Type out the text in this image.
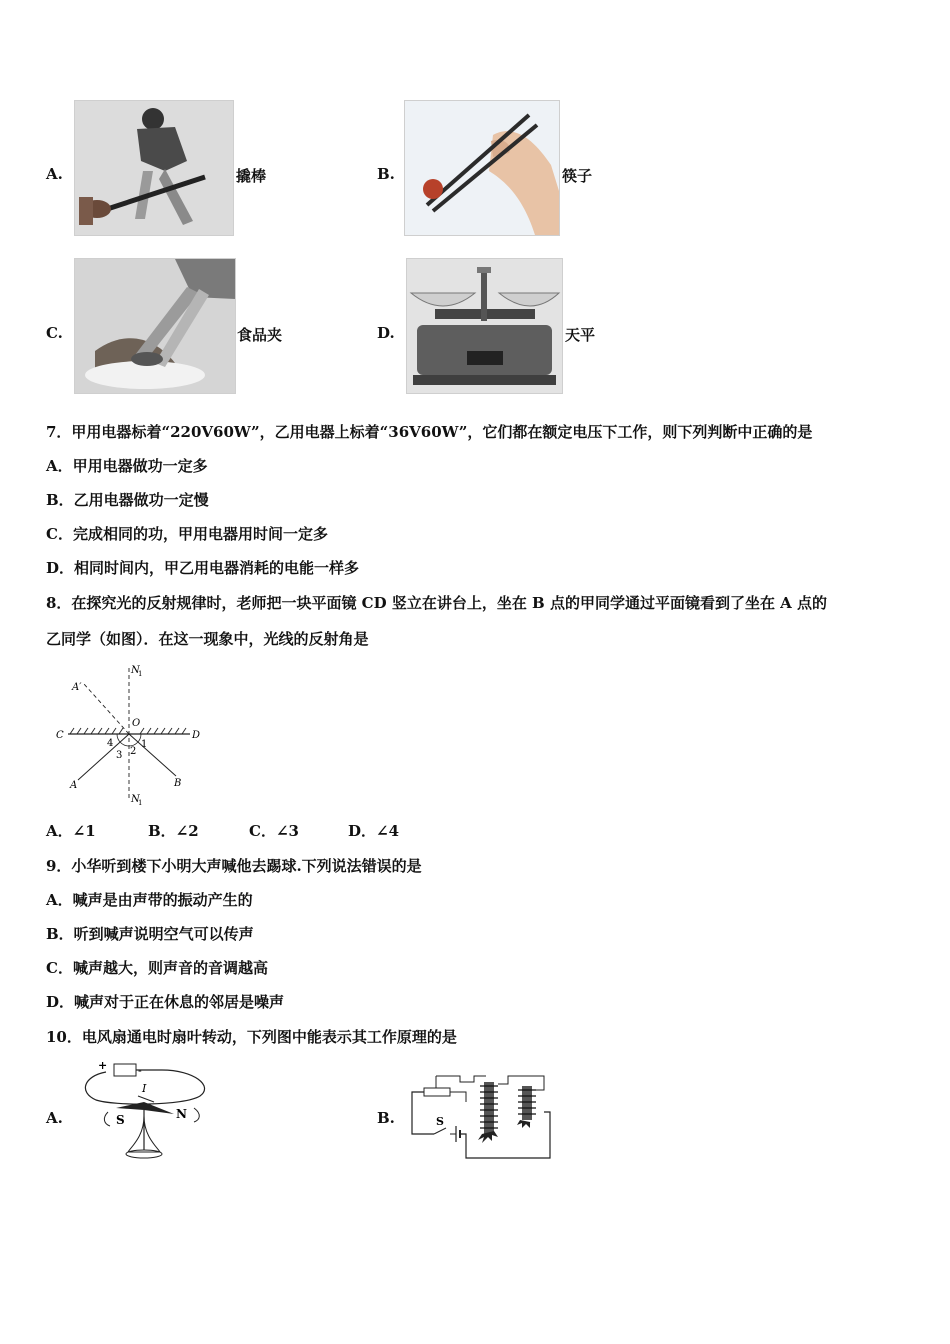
A.	撬棒	B.	筷子
C.	食品夹	D.	天平
7．甲用电器标着“220V60W”，乙用电器上标着“36V60W”，它们都在额定电压下工作，则下列判断中正确的是
A．甲用电器做功一定多
B．乙用电器做功一定慢
C．完成相同的功，甲用电器用时间一定多
D．相同时间内，甲乙用电器消耗的电能一样多
8．在探究光的反射规律时，老师把一块平面镜 CD 竖立在讲台上，坐在 B 点的甲同学通过平面镜看到了坐在 A 点的
乙同学（如图）．在这一现象中，光线的反射角是
N
1
N
1
A′
O
C	D
A	B
1
2
3
4
A．∠1	B．∠2	C．∠3	D．∠4
9．小华听到楼下小明大声喊他去踢球.下列说法错误的是
A．喊声是由声带的振动产生的
B．听到喊声说明空气可以传声
C．喊声越大，则声音的音调越高
D．喊声对于正在休息的邻居是噪声
10．电风扇通电时扇叶转动，下列图中能表示其工作原理的是
A.
+	-
I
S	N	B.	S
